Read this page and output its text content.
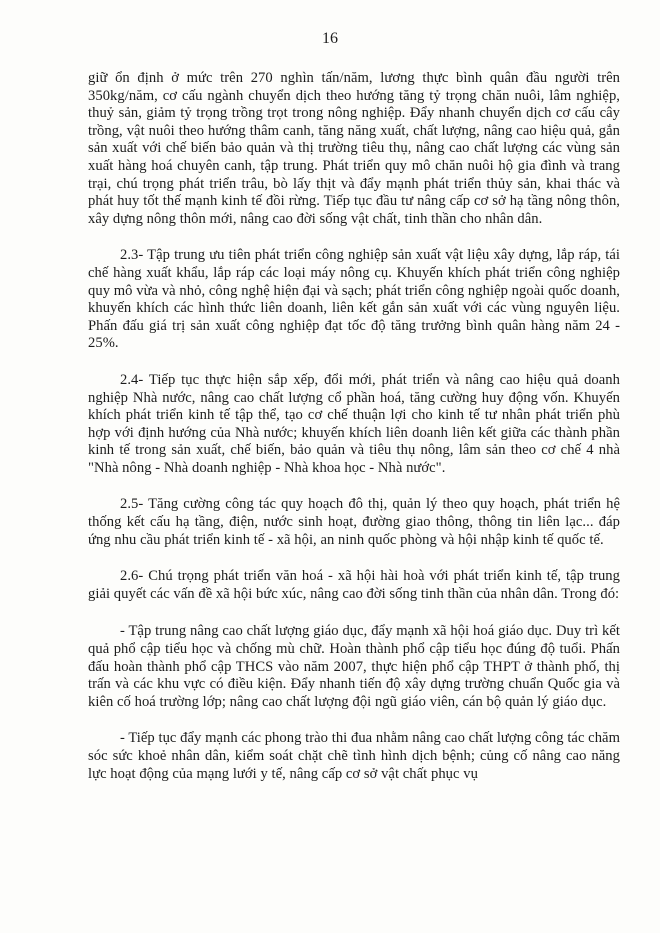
16

giữ ổn định ở mức trên 270 nghìn tấn/năm, lương thực bình quân đầu người trên 350kg/năm, cơ cấu ngành chuyển dịch theo hướng tăng tỷ trọng chăn nuôi, lâm nghiệp, thuỷ sản, giảm tỷ trọng trồng trọt trong nông nghiệp. Đẩy nhanh chuyển dịch cơ cấu cây trồng, vật nuôi theo hướng thâm canh, tăng năng xuất, chất lượng, nâng cao hiệu quả, gắn sản xuất với chế biến bảo quản và thị trường tiêu thụ, nâng cao chất lượng các vùng sản xuất hàng hoá chuyên canh, tập trung. Phát triển quy mô chăn nuôi hộ gia đình và trang trại, chú trọng phát triển trâu, bò lấy thịt và đẩy mạnh phát triển thủy sản, khai thác và phát huy tốt thế mạnh kinh tế đồi rừng. Tiếp tục đầu tư nâng cấp cơ sở hạ tầng nông thôn, xây dựng nông thôn mới, nâng cao đời sống vật chất, tinh thần cho nhân dân.

2.3- Tập trung ưu tiên phát triển công nghiệp sản xuất vật liệu xây dựng, lắp ráp, tái chế hàng xuất khẩu, lắp ráp các loại máy nông cụ. Khuyến khích phát triển công nghiệp quy mô vừa và nhỏ, công nghệ hiện đại và sạch; phát triển công nghiệp ngoài quốc doanh, khuyến khích các hình thức liên doanh, liên kết gắn sản xuất với các vùng nguyên liệu. Phấn đấu giá trị sản xuất công nghiệp đạt tốc độ tăng trưởng bình quân hàng năm 24 - 25%.

2.4- Tiếp tục thực hiện sắp xếp, đổi mới, phát triển và nâng cao hiệu quả doanh nghiệp Nhà nước, nâng cao chất lượng cổ phần hoá, tăng cường huy động vốn. Khuyến khích phát triển kinh tế tập thể, tạo cơ chế thuận lợi cho kinh tế tư nhân phát triển phù hợp với định hướng của Nhà nước; khuyến khích liên doanh liên kết giữa các thành phần kinh tế trong sản xuất, chế biến, bảo quản và tiêu thụ nông, lâm sản theo cơ chế 4 nhà "Nhà nông - Nhà doanh nghiệp - Nhà khoa học - Nhà nước".

2.5- Tăng cường công tác quy hoạch đô thị, quản lý theo quy hoạch, phát triển hệ thống kết cấu hạ tầng, điện, nước sinh hoạt, đường giao thông, thông tin liên lạc... đáp ứng nhu cầu phát triển kinh tế - xã hội, an ninh quốc phòng và hội nhập kinh tế quốc tế.

2.6- Chú trọng phát triển văn hoá - xã hội hài hoà với phát triển kinh tế, tập trung giải quyết các vấn đề xã hội bức xúc, nâng cao đời sống tinh thần của nhân dân. Trong đó:

- Tập trung nâng cao chất lượng giáo dục, đẩy mạnh xã hội hoá giáo dục. Duy trì kết quả phổ cập tiểu học và chống mù chữ. Hoàn thành phổ cập tiểu học đúng độ tuổi. Phấn đấu hoàn thành phổ cập THCS vào năm 2007, thực hiện phổ cập THPT ở thành phố, thị trấn và các khu vực có điều kiện. Đẩy nhanh tiến độ xây dựng trường chuẩn Quốc gia và kiên cố hoá trường lớp; nâng cao chất lượng đội ngũ giáo viên, cán bộ quản lý giáo dục.

- Tiếp tục đẩy mạnh các phong trào thi đua nhằm nâng cao chất lượng công tác chăm sóc sức khoẻ nhân dân, kiểm soát chặt chẽ tình hình dịch bệnh; củng cố nâng cao năng lực hoạt động của mạng lưới y tế, nâng cấp cơ sở vật chất phục vụ
